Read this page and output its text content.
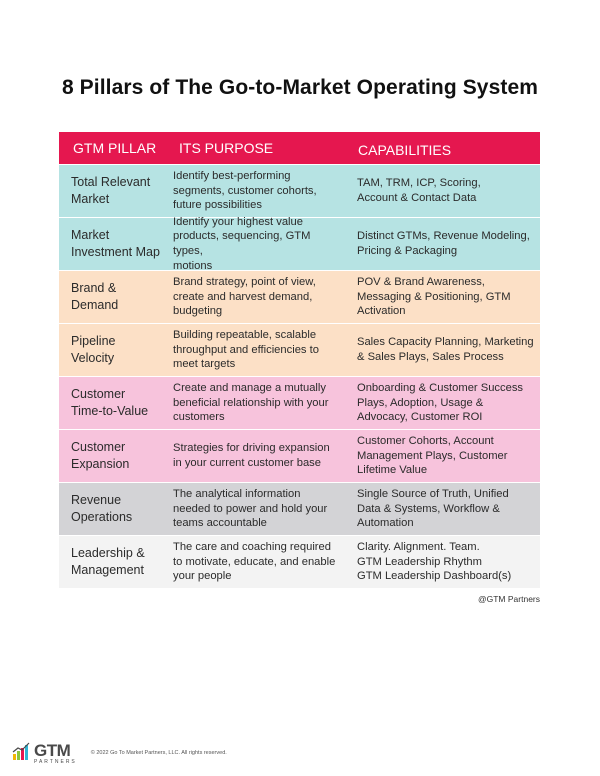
8 Pillars of The Go-to-Market Operating System
GTM PILLAR	ITS PURPOSE	CAPABILITIES
Total Relevant
Market
Identify best-performing
segments, customer cohorts,
future possibilities
TAM, TRM, ICP, Scoring,
Account & Contact Data
Market
Investment Map
Identify your highest value
products, sequencing, GTM types,
motions
Distinct GTMs, Revenue Modeling,
Pricing & Packaging
Brand &
Demand
Brand strategy, point of view,
create and harvest demand,
budgeting
POV & Brand Awareness,
Messaging & Positioning, GTM
Activation
Pipeline
Velocity
Building repeatable, scalable
throughput and efficiencies to
meet targets
Sales Capacity Planning, Marketing
& Sales Plays, Sales Process
Customer
Time-to-Value
Create and manage a mutually
beneficial relationship with your
customers
Onboarding & Customer Success
Plays, Adoption, Usage &
Advocacy, Customer ROI
Customer
Expansion
Strategies for driving expansion
in your current customer base
Customer Cohorts, Account
Management Plays, Customer
Lifetime Value
Revenue
Operations
The analytical information
needed to power and hold your
teams accountable
Single Source of Truth, Unified
Data & Systems, Workflow &
Automation
Leadership &
Management
The care and coaching required
to motivate, educate, and enable
your people
Clarity. Alignment. Team.
GTM Leadership Rhythm
GTM Leadership Dashboard(s)
@GTM Partners
GTM
PARTNERS
© 2022 Go To Market Partners, LLC. All rights reserved.
